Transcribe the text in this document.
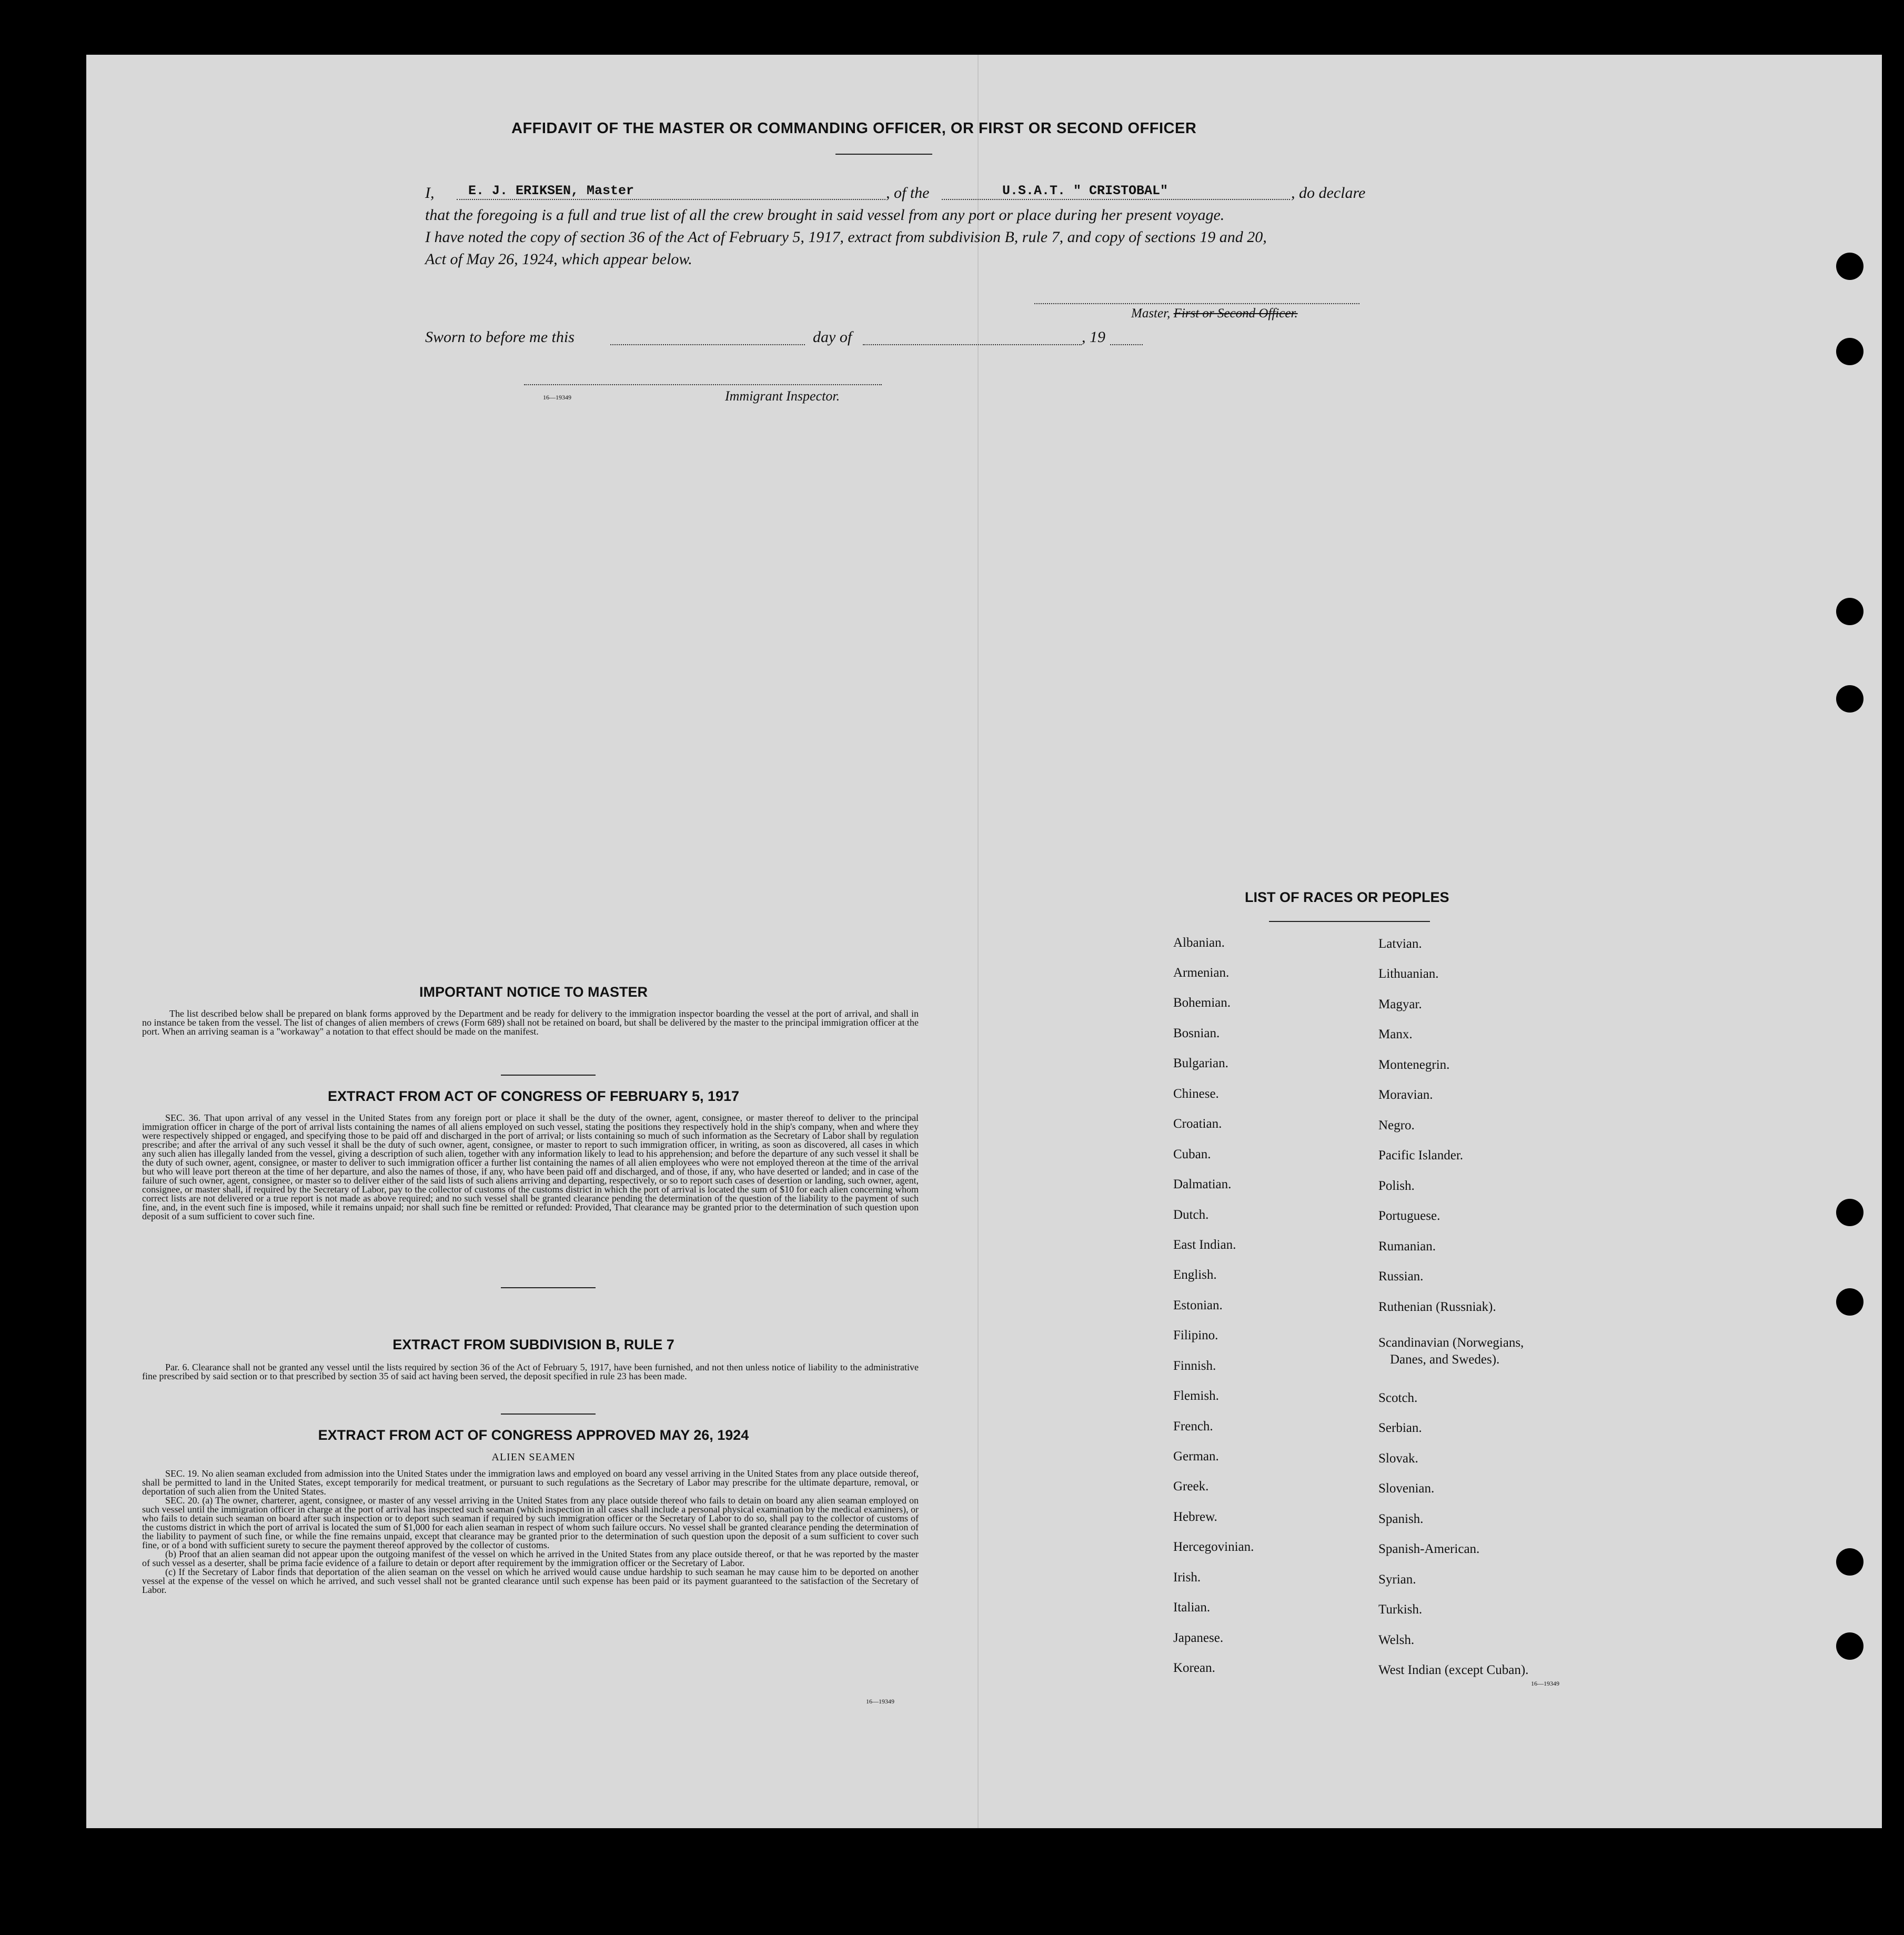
AFFIDAVIT OF THE MASTER OR COMMANDING OFFICER, OR FIRST OR SECOND OFFICER
I,	E. J. ERIKSEN, Master	, of the	U.S.A.T. " CRISTOBAL"	, do declare
that the foregoing is a full and true list of all the crew brought in said vessel from any port or place during her present voyage.
I have noted the copy of section 36 of the Act of February 5, 1917, extract from subdivision B, rule 7, and copy of sections 19 and 20,
Act of May 26, 1924, which appear below.
Master, First or Second Officer.
Sworn to before me this	day of	, 19
16—19349	Immigrant Inspector.
IMPORTANT NOTICE TO MASTER
The list described below shall be prepared on blank forms approved by the Department and be ready for delivery to the immigration inspector boarding the vessel at the port of arrival, and shall in no instance be taken from the vessel. The list of changes of alien members of crews (Form 689) shall not be retained on board, but shall be delivered by the master to the principal immigration officer at the port. When an arriving seaman is a "workaway" a notation to that effect should be made on the manifest.
EXTRACT FROM ACT OF CONGRESS OF FEBRUARY 5, 1917
SEC. 36. That upon arrival of any vessel in the United States from any foreign port or place it shall be the duty of the owner, agent, consignee, or master thereof to deliver to the principal immigration officer in charge of the port of arrival lists containing the names of all aliens employed on such vessel, stating the positions they respectively hold in the ship's company, when and where they were respectively shipped or engaged, and specifying those to be paid off and discharged in the port of arrival; or lists containing so much of such information as the Secretary of Labor shall by regulation prescribe; and after the arrival of any such vessel it shall be the duty of such owner, agent, consignee, or master to report to such immigration officer, in writing, as soon as discovered, all cases in which any such alien has illegally landed from the vessel, giving a description of such alien, together with any information likely to lead to his apprehension; and before the departure of any such vessel it shall be the duty of such owner, agent, consignee, or master to deliver to such immigration officer a further list containing the names of all alien employees who were not employed thereon at the time of the arrival but who will leave port thereon at the time of her departure, and also the names of those, if any, who have been paid off and discharged, and of those, if any, who have deserted or landed; and in case of the failure of such owner, agent, consignee, or master so to deliver either of the said lists of such aliens arriving and departing, respectively, or so to report such cases of desertion or landing, such owner, agent, consignee, or master shall, if required by the Secretary of Labor, pay to the collector of customs of the customs district in which the port of arrival is located the sum of $10 for each alien concerning whom correct lists are not delivered or a true report is not made as above required; and no such vessel shall be granted clearance pending the determination of the question of the liability to the payment of such fine, and, in the event such fine is imposed, while it remains unpaid; nor shall such fine be remitted or refunded: Provided, That clearance may be granted prior to the determination of such question upon deposit of a sum sufficient to cover such fine.
EXTRACT FROM SUBDIVISION B, RULE 7
Par. 6. Clearance shall not be granted any vessel until the lists required by section 36 of the Act of February 5, 1917, have been furnished, and not then unless notice of liability to the administrative fine prescribed by said section or to that prescribed by section 35 of said act having been served, the deposit specified in rule 23 has been made.
EXTRACT FROM ACT OF CONGRESS APPROVED MAY 26, 1924
ALIEN SEAMEN

SEC. 19. No alien seaman excluded from admission into the United States under the immigration laws and employed on board any vessel arriving in the United States from any place outside thereof, shall be permitted to land in the United States, except temporarily for medical treatment, or pursuant to such regulations as the Secretary of Labor may prescribe for the ultimate departure, removal, or deportation of such alien from the United States.

SEC. 20. (a) The owner, charterer, agent, consignee, or master of any vessel arriving in the United States from any place outside thereof who fails to detain on board any alien seaman employed on such vessel until the immigration officer in charge at the port of arrival has inspected such seaman (which inspection in all cases shall include a personal physical examination by the medical examiners), or who fails to detain such seaman on board after such inspection or to deport such seaman if required by such immigration officer or the Secretary of Labor to do so, shall pay to the collector of customs of the customs district in which the port of arrival is located the sum of $1,000 for each alien seaman in respect of whom such failure occurs. No vessel shall be granted clearance pending the determination of the liability to payment of such fine, or while the fine remains unpaid, except that clearance may be granted prior to the determination of such question upon the deposit of a sum sufficient to cover such fine, or of a bond with sufficient surety to secure the payment thereof approved by the collector of customs.

(b) Proof that an alien seaman did not appear upon the outgoing manifest of the vessel on which he arrived in the United States from any place outside thereof, or that he was reported by the master of such vessel as a deserter, shall be prima facie evidence of a failure to detain or deport after requirement by the immigration officer or the Secretary of Labor.

(c) If the Secretary of Labor finds that deportation of the alien seaman on the vessel on which he arrived would cause undue hardship to such seaman he may cause him to be deported on another vessel at the expense of the vessel on which he arrived, and such vessel shall not be granted clearance until such expense has been paid or its payment guaranteed to the satisfaction of the Secretary of Labor.

16—19349
LIST OF RACES OR PEOPLES
Albanian.
Armenian.
Bohemian.
Bosnian.
Bulgarian.
Chinese.
Croatian.
Cuban.
Dalmatian.
Dutch.
East Indian.
English.
Estonian.
Filipino.
Finnish.
Flemish.
French.
German.
Greek.
Hebrew.
Hercegovinian.
Irish.
Italian.
Japanese.
Korean.
Latvian.
Lithuanian.
Magyar.
Manx.
Montenegrin.
Moravian.
Negro.
Pacific Islander.
Polish.
Portuguese.
Rumanian.
Russian.
Ruthenian (Russniak).
Scandinavian (Norwegians,
Danes, and Swedes).
Scotch.
Serbian.
Slovak.
Slovenian.
Spanish.
Spanish-American.
Syrian.
Turkish.
Welsh.
West Indian (except Cuban).
16—19349
